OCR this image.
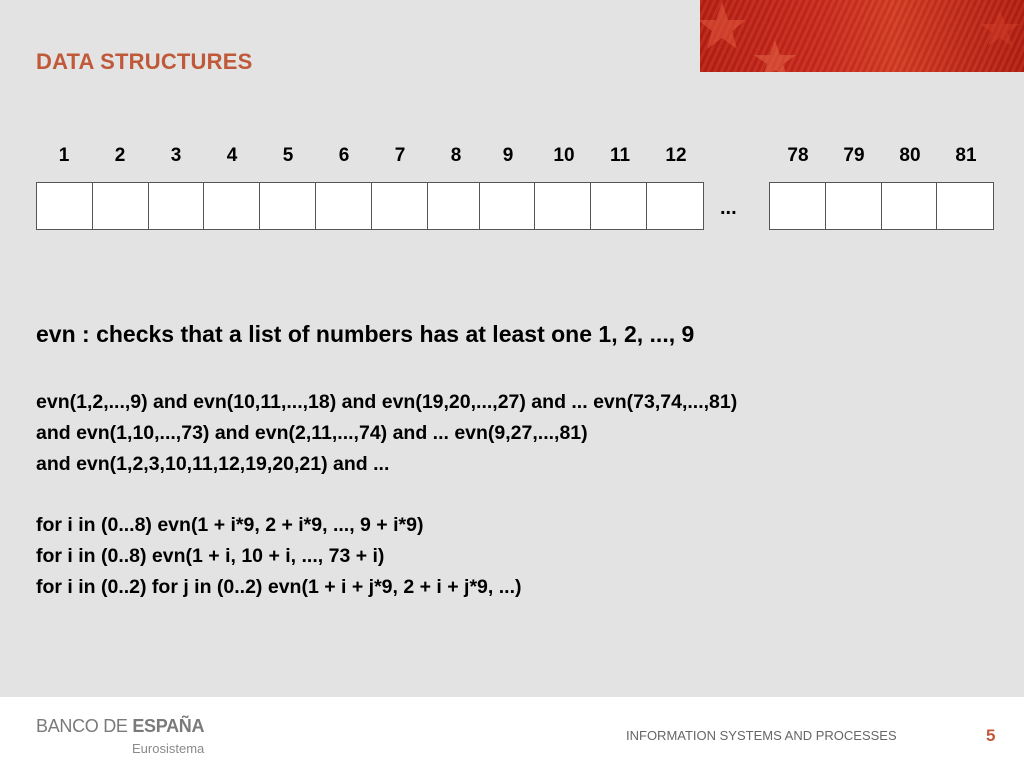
DATA STRUCTURES
1	2	3	4	5	6	7	8	9	10	11	12	78	79	80	81
...
evn : checks that a list of numbers has at least one 1, 2, ..., 9
evn(1,2,...,9) and evn(10,11,...,18) and evn(19,20,...,27) and ... evn(73,74,...,81)
and evn(1,10,...,73) and evn(2,11,...,74) and ... evn(9,27,...,81)
and evn(1,2,3,10,11,12,19,20,21) and ...
for i in (0...8) evn(1 + i*9, 2 + i*9, ..., 9 + i*9)
for i in (0..8) evn(1 + i, 10 + i, ..., 73 + i)
for i in (0..2) for j in (0..2) evn(1 + i + j*9, 2 + i + j*9, ...)
BANCO DE ESPAÑA
Eurosistema
INFORMATION SYSTEMS AND PROCESSES	5
